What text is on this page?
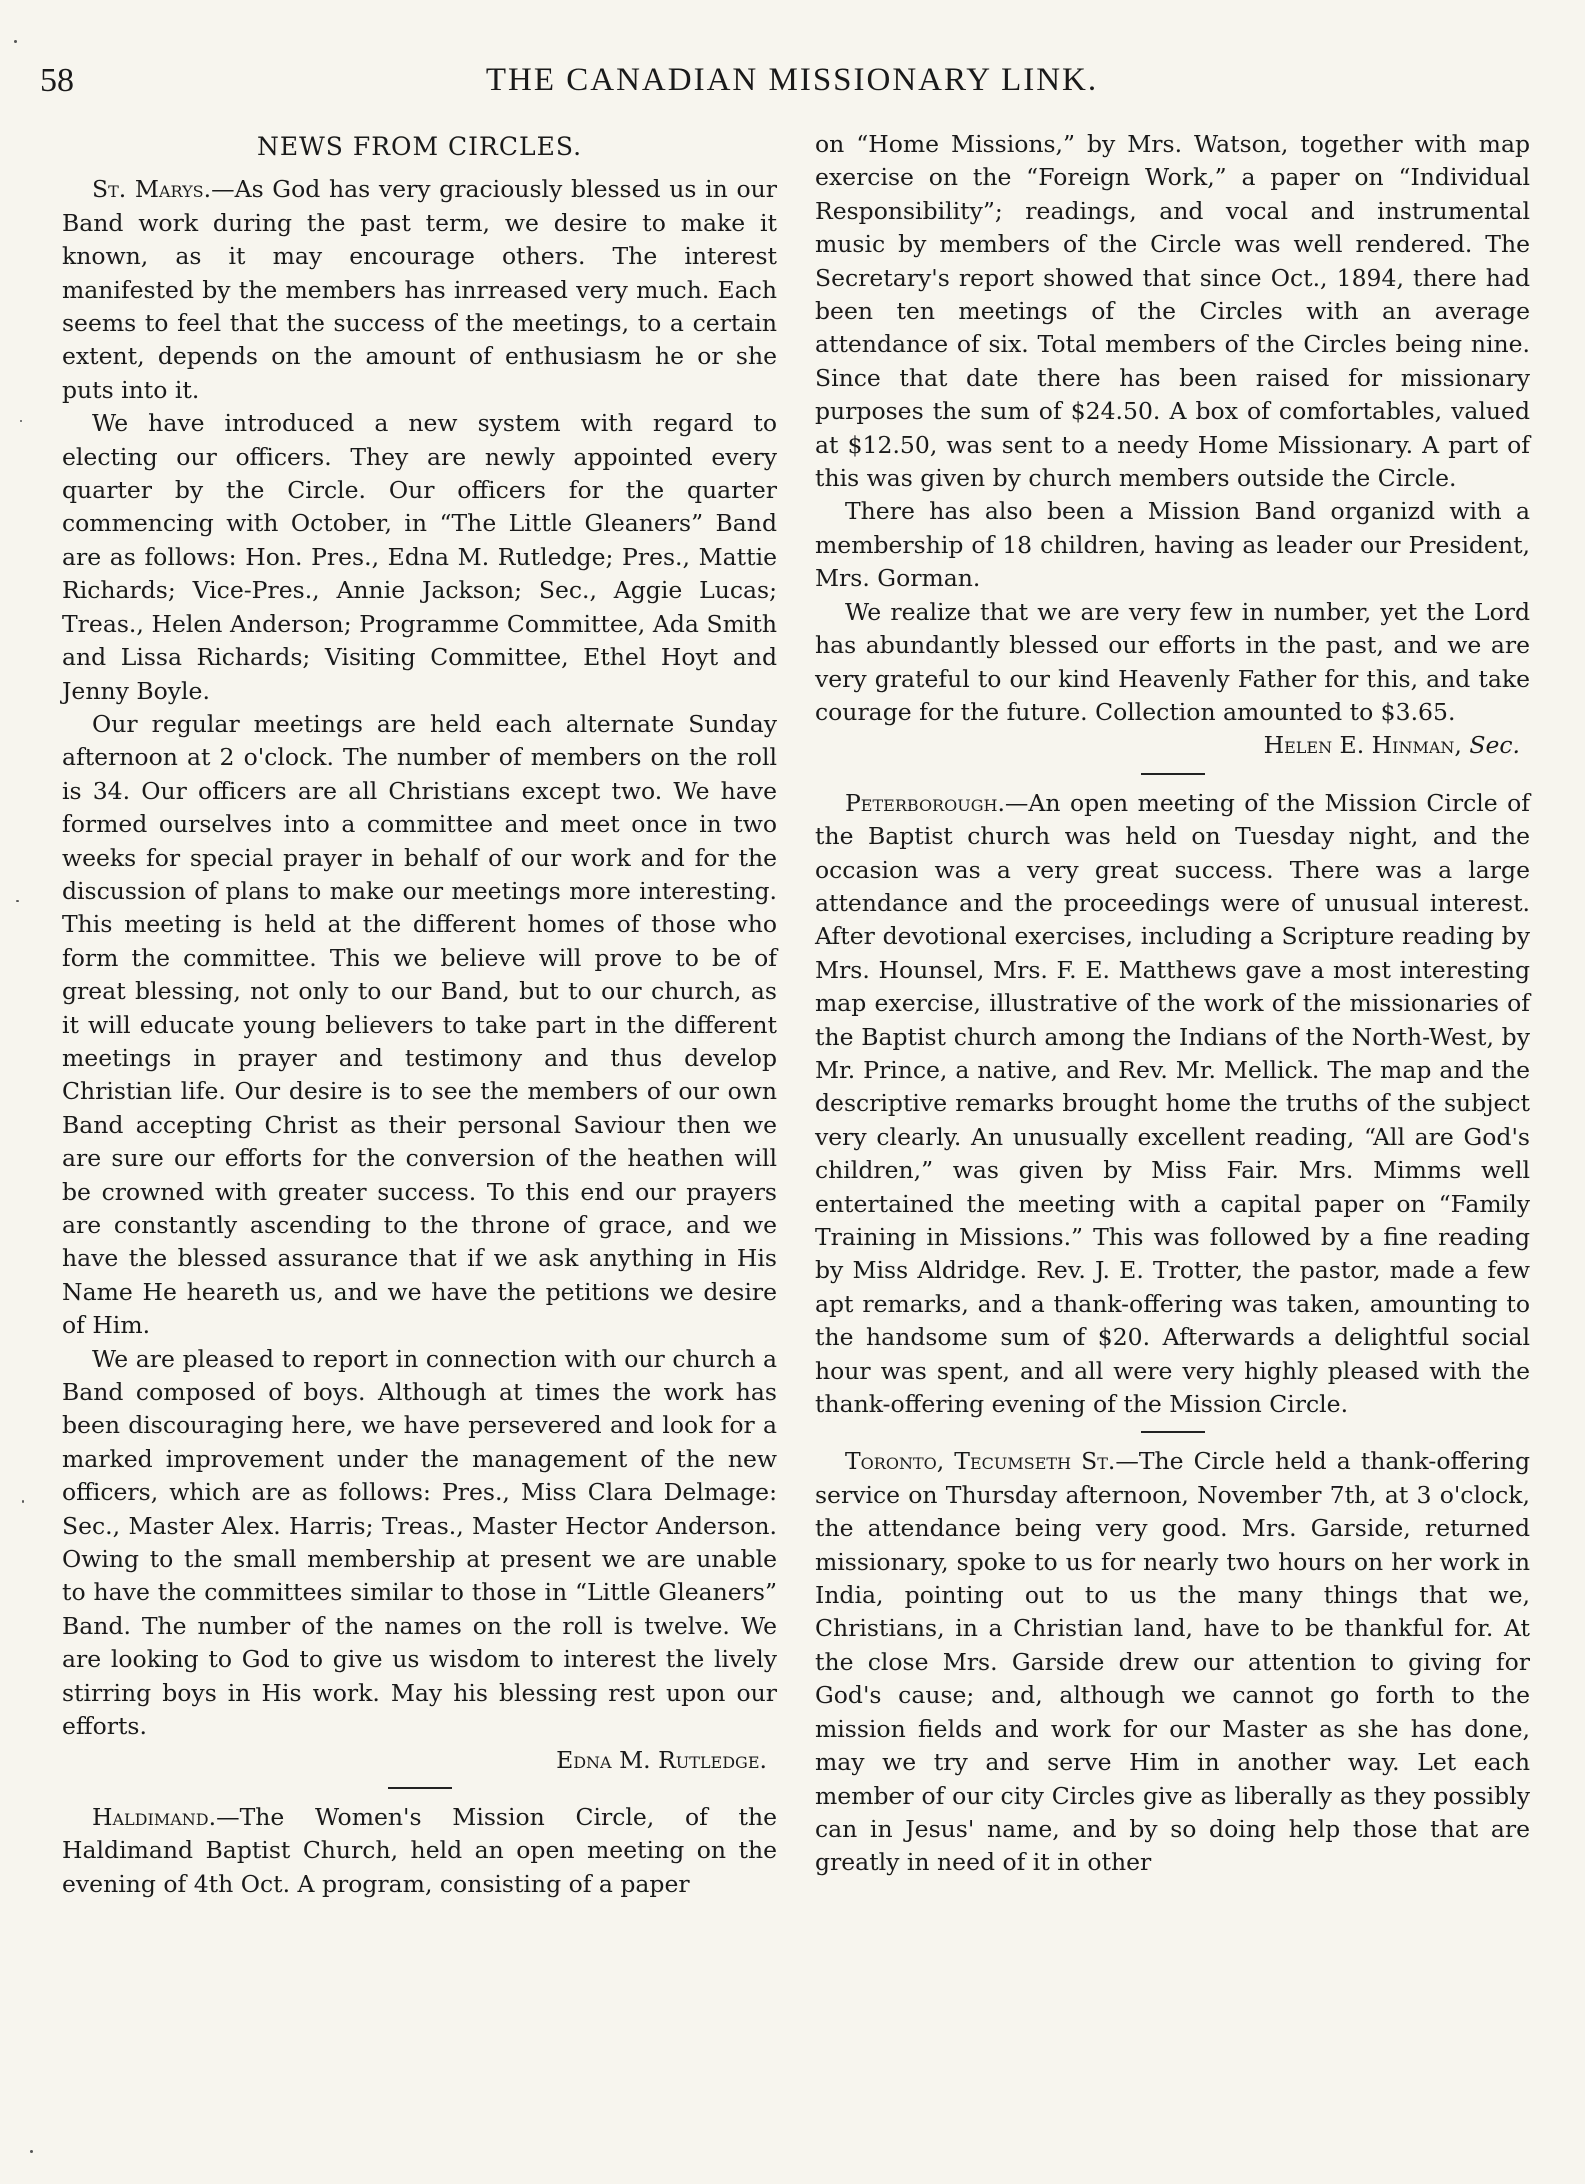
58	THE CANADIAN MISSIONARY LINK.
NEWS FROM CIRCLES.

St. Marys.—As God has very graciously blessed us in our Band work during the past term, we desire to make it known, as it may encourage others. The interest manifested by the members has inrreased very much. Each seems to feel that the success of the meetings, to a certain extent, depends on the amount of enthusiasm he or she puts into it.

We have introduced a new system with regard to electing our officers. They are newly appointed every quarter by the Circle. Our officers for the quarter commencing with October, in “The Little Gleaners” Band are as follows: Hon. Pres., Edna M. Rutledge; Pres., Mattie Richards; Vice-Pres., Annie Jackson; Sec., Aggie Lucas; Treas., Helen Anderson; Programme Committee, Ada Smith and Lissa Richards; Visiting Committee, Ethel Hoyt and Jenny Boyle.

Our regular meetings are held each alternate Sunday afternoon at 2 o'clock. The number of members on the roll is 34. Our officers are all Christians except two. We have formed ourselves into a committee and meet once in two weeks for special prayer in behalf of our work and for the discussion of plans to make our meetings more interesting. This meeting is held at the different homes of those who form the committee. This we believe will prove to be of great blessing, not only to our Band, but to our church, as it will educate young believers to take part in the different meetings in prayer and testimony and thus develop Christian life. Our desire is to see the members of our own Band accepting Christ as their personal Saviour then we are sure our efforts for the conversion of the heathen will be crowned with greater success. To this end our prayers are constantly ascending to the throne of grace, and we have the blessed assurance that if we ask anything in His Name He heareth us, and we have the petitions we desire of Him.

We are pleased to report in connection with our church a Band composed of boys. Although at times the work has been discouraging here, we have persevered and look for a marked improvement under the management of the new officers, which are as follows: Pres., Miss Clara Delmage: Sec., Master Alex. Harris; Treas., Master Hector Anderson. Owing to the small membership at present we are unable to have the committees similar to those in “Little Gleaners” Band. The number of the names on the roll is twelve. We are looking to God to give us wisdom to interest the lively stirring boys in His work. May his blessing rest upon our efforts.

Edna M. Rutledge.

Haldimand.—The Women's Mission Circle, of the Haldimand Baptist Church, held an open meeting on the evening of 4th Oct. A program, consisting of a paper

on “Home Missions,” by Mrs. Watson, together with map exercise on the “Foreign Work,” a paper on “Individual Responsibility”; readings, and vocal and instrumental music by members of the Circle was well rendered. The Secretary's report showed that since Oct., 1894, there had been ten meetings of the Circles with an average attendance of six. Total members of the Circles being nine. Since that date there has been raised for missionary purposes the sum of $24.50. A box of comfortables, valued at $12.50, was sent to a needy Home Missionary. A part of this was given by church members outside the Circle.

There has also been a Mission Band organizd with a membership of 18 children, having as leader our President, Mrs. Gorman.

We realize that we are very few in number, yet the Lord has abundantly blessed our efforts in the past, and we are very grateful to our kind Heavenly Father for this, and take courage for the future. Collection amounted to $3.65.

Helen E. Hinman, Sec.

Peterborough.—An open meeting of the Mission Circle of the Baptist church was held on Tuesday night, and the occasion was a very great success. There was a large attendance and the proceedings were of unusual interest. After devotional exercises, including a Scripture reading by Mrs. Hounsel, Mrs. F. E. Matthews gave a most interesting map exercise, illustrative of the work of the missionaries of the Baptist church among the Indians of the North-West, by Mr. Prince, a native, and Rev. Mr. Mellick. The map and the descriptive remarks brought home the truths of the subject very clearly. An unusually excellent reading, “All are God's children,” was given by Miss Fair. Mrs. Mimms well entertained the meeting with a capital paper on “Family Training in Missions.” This was followed by a fine reading by Miss Aldridge. Rev. J. E. Trotter, the pastor, made a few apt remarks, and a thank-offering was taken, amounting to the handsome sum of $20. Afterwards a delightful social hour was spent, and all were very highly pleased with the thank-offering evening of the Mission Circle.

Toronto, Tecumseth St.—The Circle held a thank-offering service on Thursday afternoon, November 7th, at 3 o'clock, the attendance being very good. Mrs. Garside, returned missionary, spoke to us for nearly two hours on her work in India, pointing out to us the many things that we, Christians, in a Christian land, have to be thankful for. At the close Mrs. Garside drew our attention to giving for God's cause; and, although we cannot go forth to the mission fields and work for our Master as she has done, may we try and serve Him in another way. Let each member of our city Circles give as liberally as they possibly can in Jesus' name, and by so doing help those that are greatly in need of it in other
